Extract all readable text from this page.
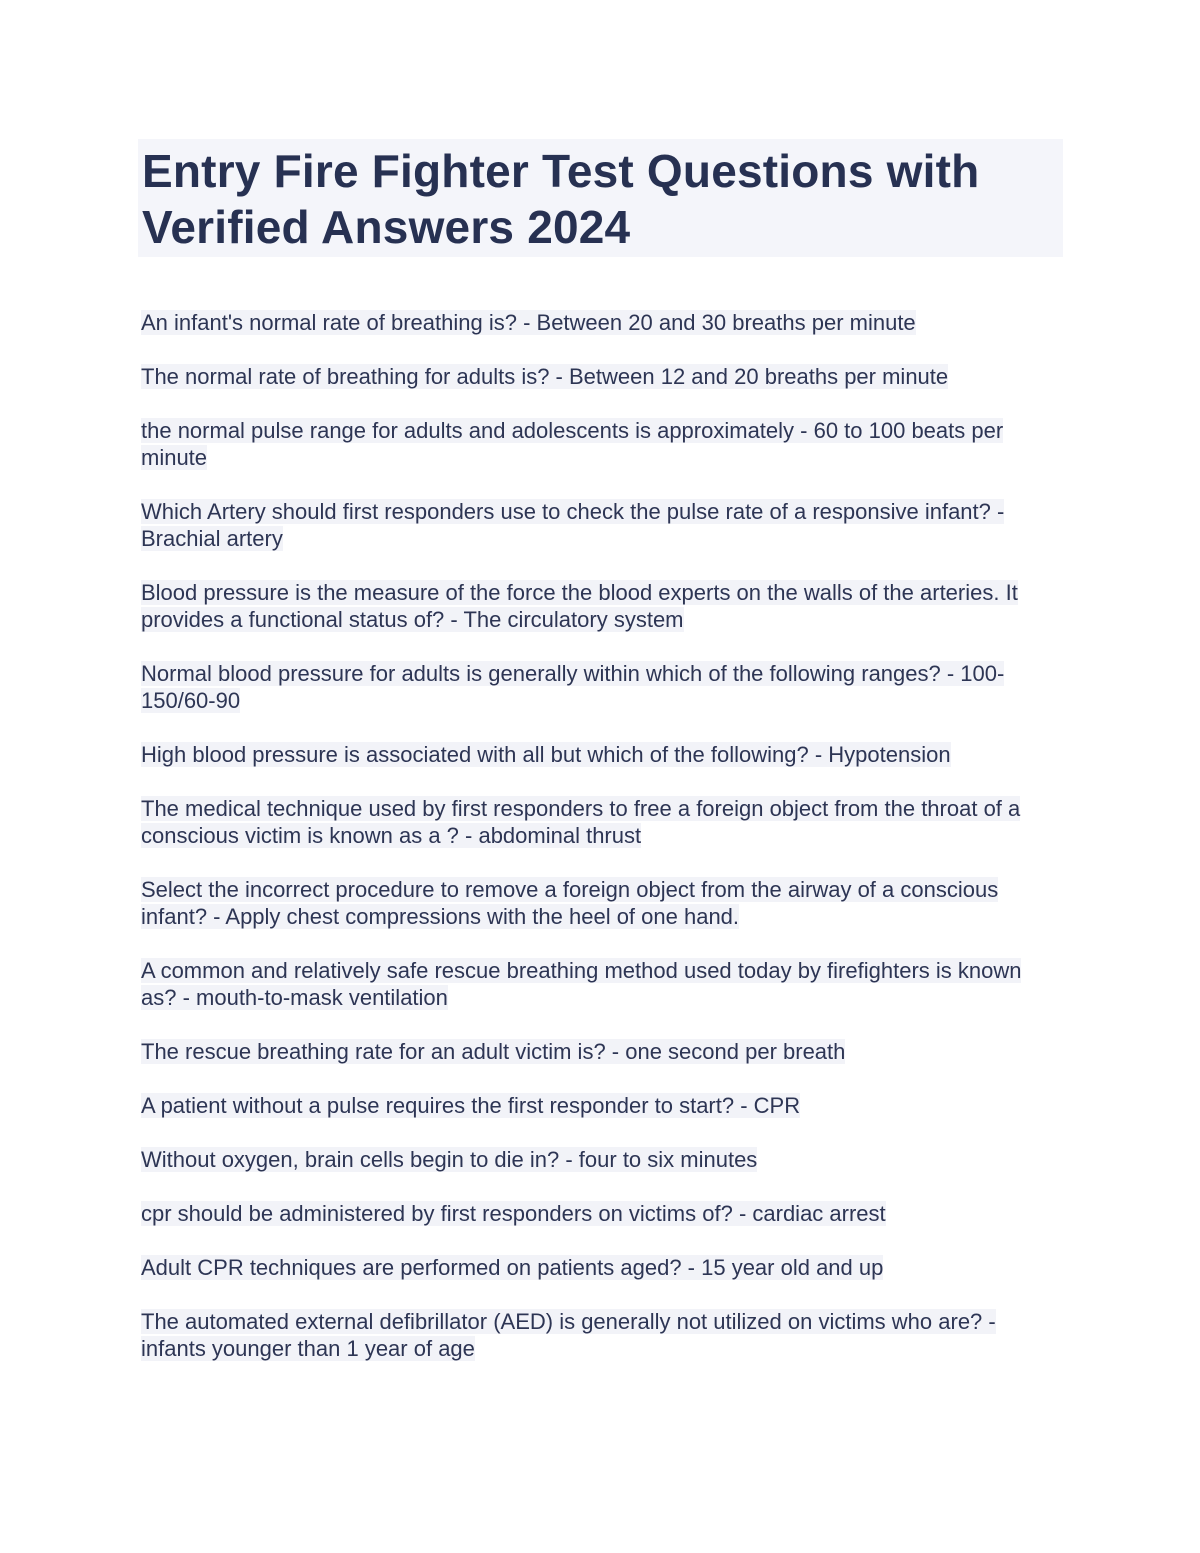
Entry Fire Fighter Test Questions with Verified Answers 2024
An infant's normal rate of breathing is? - Between 20 and 30 breaths per minute
The normal rate of breathing for adults is? - Between 12 and 20 breaths per minute
the normal pulse range for adults and adolescents is approximately - 60 to 100 beats per minute
Which Artery should first responders use to check the pulse rate of a responsive infant? - Brachial artery
Blood pressure is the measure of the force the blood experts on the walls of the arteries. It provides a functional status of? - The circulatory system
Normal blood pressure for adults is generally within which of the following ranges? - 100-150/60-90
High blood pressure is associated with all but which of the following? - Hypotension
The medical technique used by first responders to free a foreign object from the throat of a conscious victim is known as a ? - abdominal thrust
Select the incorrect procedure to remove a foreign object from the airway of a conscious infant? - Apply chest compressions with the heel of one hand.
A common and relatively safe rescue breathing method used today by firefighters is known as? - mouth-to-mask ventilation
The rescue breathing rate for an adult victim is? - one second per breath
A patient without a pulse requires the first responder to start? - CPR
Without oxygen, brain cells begin to die in? - four to six minutes
cpr should be administered by first responders on victims of? - cardiac arrest
Adult CPR techniques are performed on patients aged? - 15 year old and up
The automated external defibrillator (AED) is generally not utilized on victims who are? - infants younger than 1 year of age
